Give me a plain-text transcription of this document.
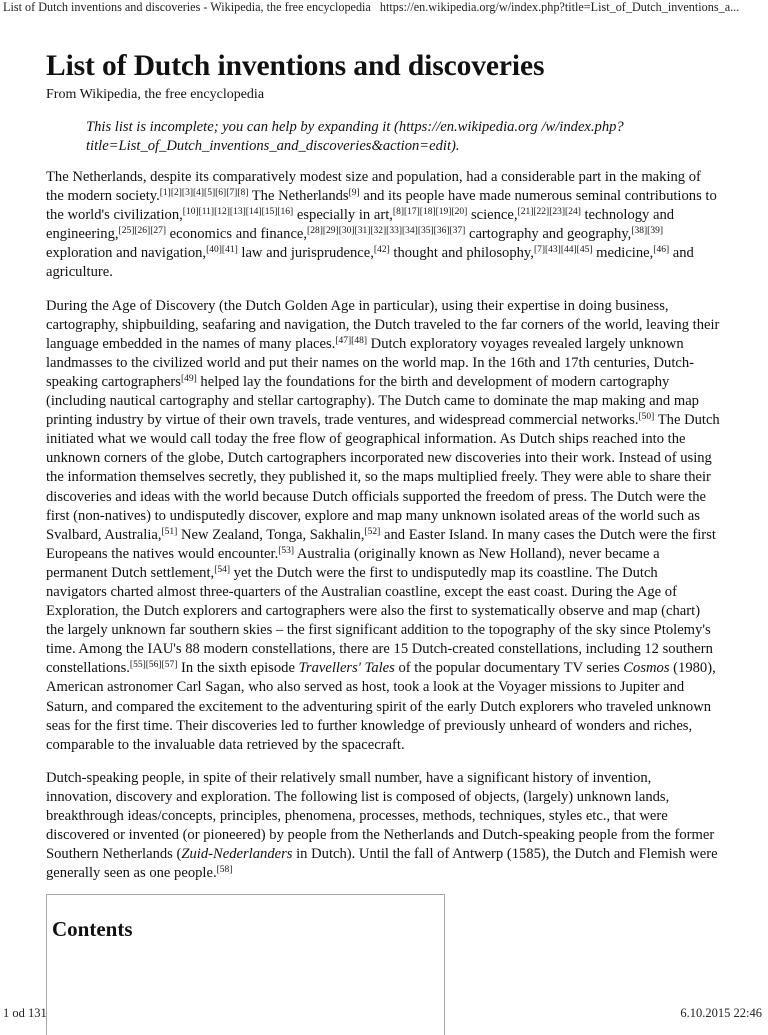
List of Dutch inventions and discoveries - Wikipedia, the free encyclopedia https://en.wikipedia.org/w/index.php?title=List_of_Dutch_inventions_a...
List of Dutch inventions and discoveries
From Wikipedia, the free encyclopedia
This list is incomplete; you can help by expanding it (https://en.wikipedia.org /w/index.php?title=List_of_Dutch_inventions_and_discoveries&action=edit).

The Netherlands, despite its comparatively modest size and population, had a considerable part in the making of the modern society.[1][2][3][4][5][6][7][8] The Netherlands[9] and its people have made numerous seminal contributions to the world's civilization,[10][11][12][13][14][15][16] especially in art,[8][17][18][19][20] science,[21][22][23][24] technology and engineering,[25][26][27] economics and finance,[28][29][30][31][32][33][34][35][36][37] cartography and geography,[38][39] exploration and navigation,[40][41] law and jurisprudence,[42] thought and philosophy,[7][43][44][45] medicine,[46] and agriculture.

During the Age of Discovery (the Dutch Golden Age in particular), using their expertise in doing business, cartography, shipbuilding, seafaring and navigation, the Dutch traveled to the far corners of the world, leaving their language embedded in the names of many places.[47][48] Dutch exploratory voyages revealed largely unknown landmasses to the civilized world and put their names on the world map. In the 16th and 17th centuries, Dutch-speaking cartographers[49] helped lay the foundations for the birth and development of modern cartography (including nautical cartography and stellar cartography). The Dutch came to dominate the map making and map printing industry by virtue of their own travels, trade ventures, and widespread commercial networks.[50] The Dutch initiated what we would call today the free flow of geographical information. As Dutch ships reached into the unknown corners of the globe, Dutch cartographers incorporated new discoveries into their work. Instead of using the information themselves secretly, they published it, so the maps multiplied freely. They were able to share their discoveries and ideas with the world because Dutch officials supported the freedom of press. The Dutch were the first (non-natives) to undisputedly discover, explore and map many unknown isolated areas of the world such as Svalbard, Australia,[51] New Zealand, Tonga, Sakhalin,[52] and Easter Island. In many cases the Dutch were the first Europeans the natives would encounter.[53] Australia (originally known as New Holland), never became a permanent Dutch settlement,[54] yet the Dutch were the first to undisputedly map its coastline. The Dutch navigators charted almost three-quarters of the Australian coastline, except the east coast. During the Age of Exploration, the Dutch explorers and cartographers were also the first to systematically observe and map (chart) the largely unknown far southern skies – the first significant addition to the topography of the sky since Ptolemy's time. Among the IAU's 88 modern constellations, there are 15 Dutch-created constellations, including 12 southern constellations.[55][56][57] In the sixth episode Travellers' Tales of the popular documentary TV series Cosmos (1980), American astronomer Carl Sagan, who also served as host, took a look at the Voyager missions to Jupiter and Saturn, and compared the excitement to the adventuring spirit of the early Dutch explorers who traveled unknown seas for the first time. Their discoveries led to further knowledge of previously unheard of wonders and riches, comparable to the invaluable data retrieved by the spacecraft.

Dutch-speaking people, in spite of their relatively small number, have a significant history of invention, innovation, discovery and exploration. The following list is composed of objects, (largely) unknown lands, breakthrough ideas/concepts, principles, phenomena, processes, methods, techniques, styles etc., that were discovered or invented (or pioneered) by people from the Netherlands and Dutch-speaking people from the former Southern Netherlands (Zuid-Nederlanders in Dutch). Until the fall of Antwerp (1585), the Dutch and Flemish were generally seen as one people.[58]

Contents
1 od 131	6.10.2015 22:46
